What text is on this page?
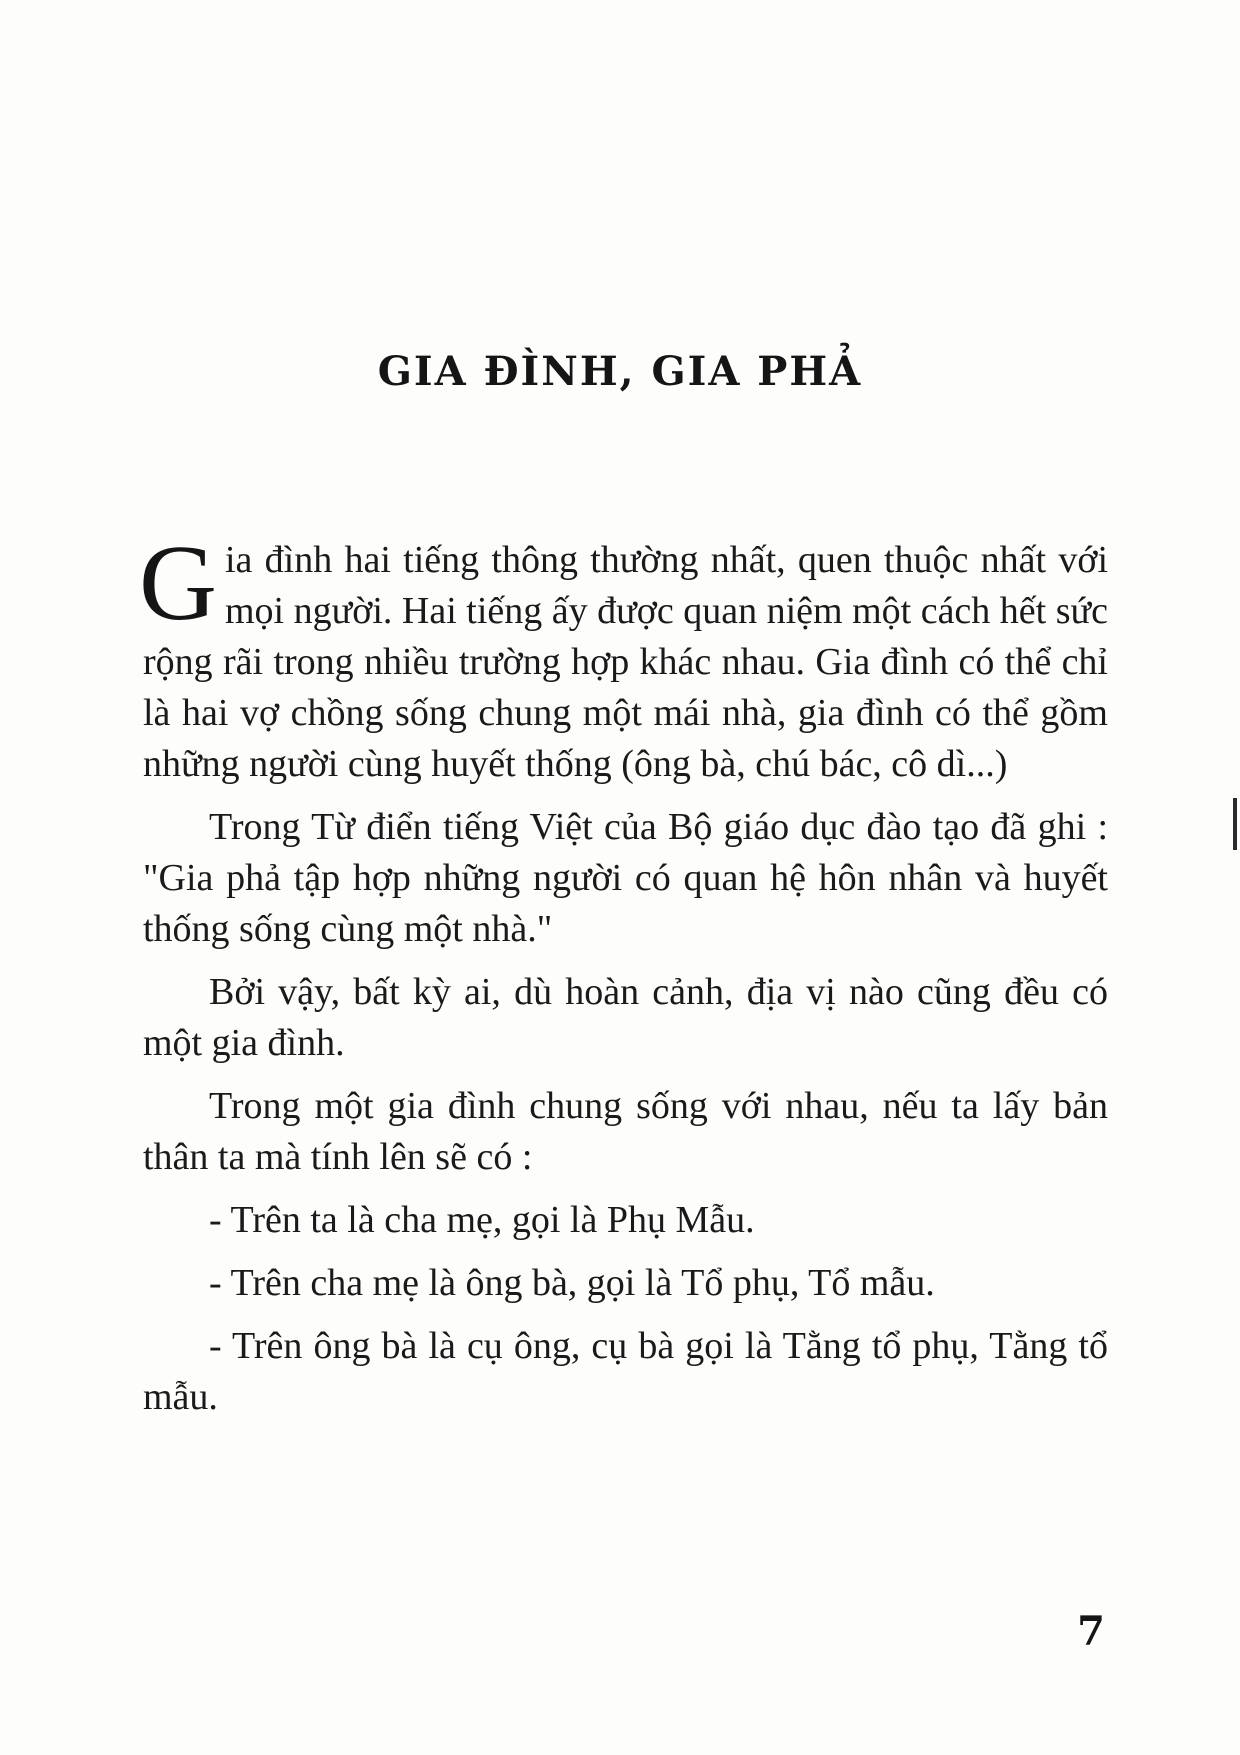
GIA ĐÌNH, GIA PHẢ

Gia đình hai tiếng thông thường nhất, quen thuộc nhất với mọi người. Hai tiếng ấy được quan niệm một cách hết sức rộng rãi trong nhiều trường hợp khác nhau. Gia đình có thể chỉ là hai vợ chồng sống chung một mái nhà, gia đình có thể gồm những người cùng huyết thống (ông bà, chú bác, cô dì...)

Trong Từ điển tiếng Việt của Bộ giáo dục đào tạo đã ghi : "Gia phả tập hợp những người có quan hệ hôn nhân và huyết thống sống cùng một nhà."

Bởi vậy, bất kỳ ai, dù hoàn cảnh, địa vị nào cũng đều có một gia đình.

Trong một gia đình chung sống với nhau, nếu ta lấy bản thân ta mà tính lên sẽ có :

- Trên ta là cha mẹ, gọi là Phụ Mẫu.

- Trên cha mẹ là ông bà, gọi là Tổ phụ, Tổ mẫu.

- Trên ông bà là cụ ông, cụ bà gọi là Tằng tổ phụ, Tằng tổ mẫu.

7
